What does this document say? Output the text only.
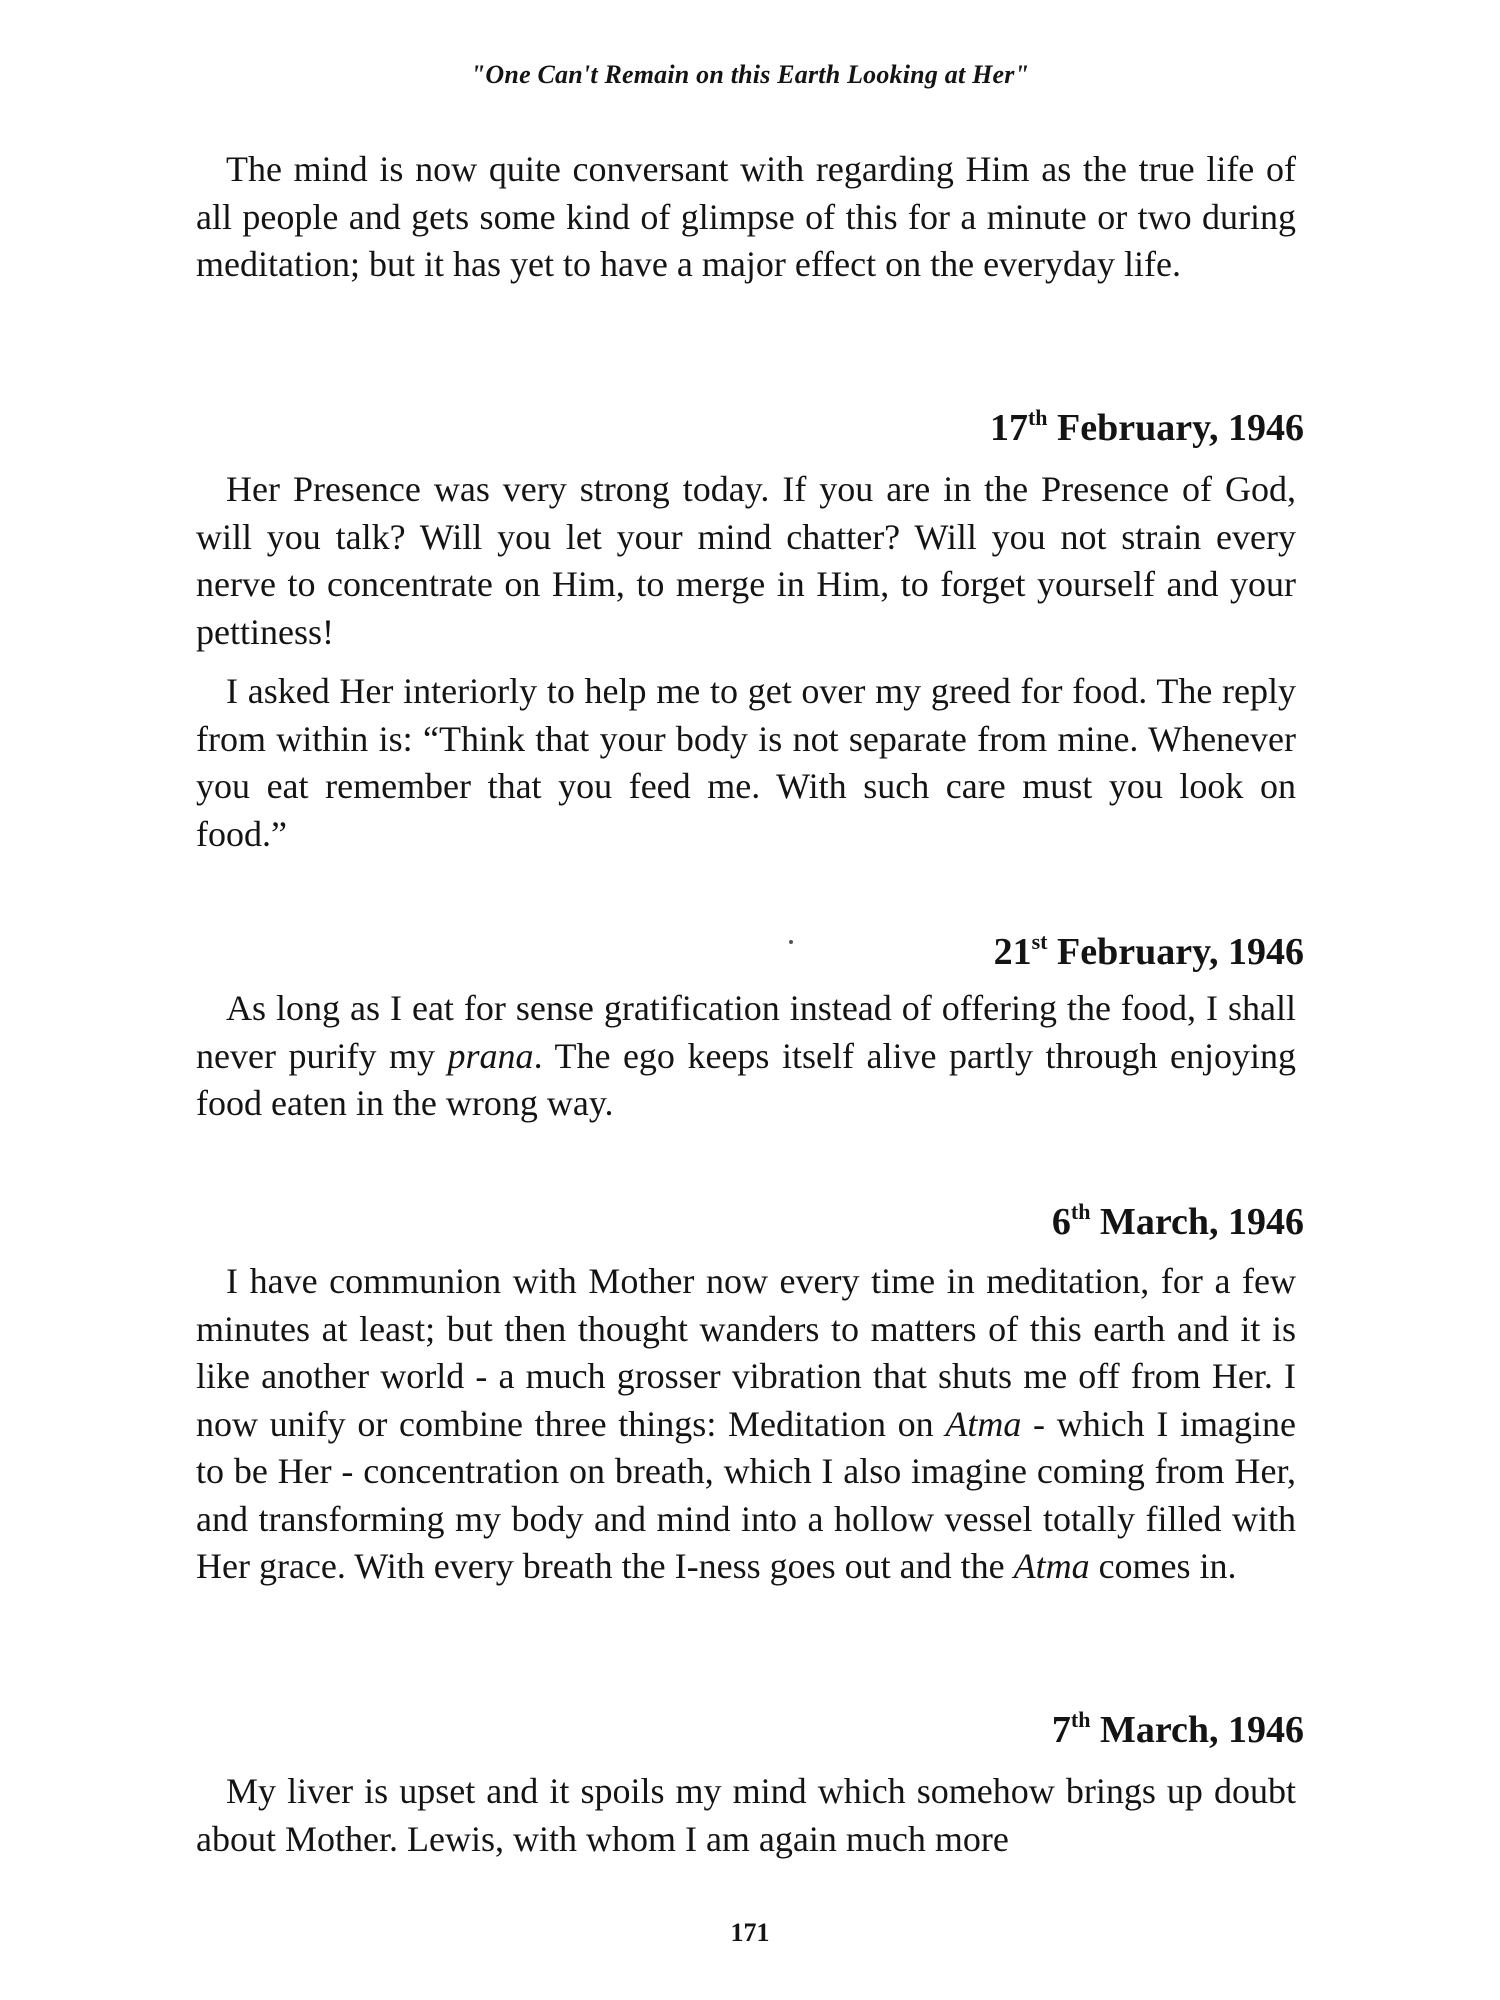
"One Can't Remain on this Earth Looking at Her"

The mind is now quite conversant with regarding Him as the true life of all people and gets some kind of glimpse of this for a minute or two during meditation; but it has yet to have a major effect on the everyday life.

17th February, 1946

Her Presence was very strong today. If you are in the Presence of God, will you talk? Will you let your mind chatter? Will you not strain every nerve to concentrate on Him, to merge in Him, to forget yourself and your pettiness!

I asked Her interiorly to help me to get over my greed for food. The reply from within is: “Think that your body is not separate from mine. Whenever you eat remember that you feed me. With such care must you look on food.”

21st February, 1946

As long as I eat for sense gratification instead of offering the food, I shall never purify my prana. The ego keeps itself alive partly through enjoying food eaten in the wrong way.

6th March, 1946

I have communion with Mother now every time in meditation, for a few minutes at least; but then thought wanders to matters of this earth and it is like another world - a much grosser vibration that shuts me off from Her. I now unify or combine three things: Meditation on Atma - which I imagine to be Her - concentration on breath, which I also imagine coming from Her, and transforming my body and mind into a hollow vessel totally filled with Her grace. With every breath the I-ness goes out and the Atma comes in.

7th March, 1946

My liver is upset and it spoils my mind which somehow brings up doubt about Mother. Lewis, with whom I am again much more

171
